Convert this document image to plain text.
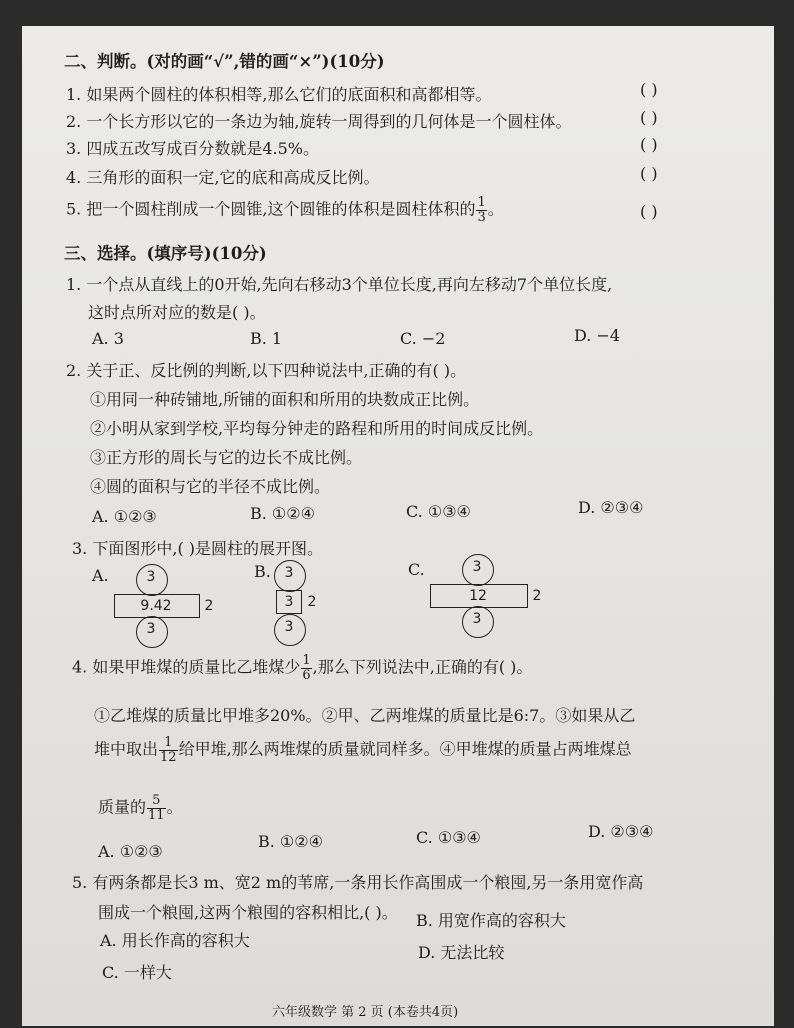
二、判断。(对的画“√”,错的画“×”)(10分)
1. 如果两个圆柱的体积相等,那么它们的底面积和高都相等。	( )
2. 一个长方形以它的一条边为轴,旋转一周得到的几何体是一个圆柱体。	( )
3. 四成五改写成百分数就是4.5%。	( )
4. 三角形的面积一定,它的底和高成反比例。	( )
5. 把一个圆柱削成一个圆锥,这个圆锥的体积是圆柱体积的 $\frac{1}{3}$ 。	( )
三、选择。(填序号)(10分)
1. 一个点从直线上的0开始,先向右移动3个单位长度,再向左移动7个单位长度,
这时点所对应的数是( )。
A. 3	B. 1	C. −2	D. −4
2. 关于正、反比例的判断,以下四种说法中,正确的有( )。
①用同一种砖铺地,所铺的面积和所用的块数成正比例。
②小明从家到学校,平均每分钟走的路程和所用的时间成反比例。
③正方形的周长与它的边长不成比例。
④圆的面积与它的半径不成比例。
A. ①②③	B. ①②④	C. ①③④	D. ②③④
3. 下面图形中,( )是圆柱的展开图。
A.	3
9.42	2
3
B. 3
3	2
3
C.	3
12	2
3
4. 如果甲堆煤的质量比乙堆煤少 $\frac{1}{6}$ ,那么下列说法中,正确的有( )。
①乙堆煤的质量比甲堆多20%。②甲、乙两堆煤的质量比是6:7。③如果从乙
堆中取出 $\frac{1}{12}$ 给甲堆,那么两堆煤的质量就同样多。④甲堆煤的质量占两堆煤总
质量的 $\frac{5}{11}$ 。
A. ①②③
B. ①②④	C. ①③④	D. ②③④
5. 有两条都是长3 m、宽2 m的苇席,一条用长作高围成一个粮囤,另一条用宽作高
围成一个粮囤,这两个粮囤的容积相比,( )。 B. 用宽作高的容积大
A. 用长作高的容积大
D. 无法比较
C. 一样大
六年级数学 第 2 页 (本卷共4页)
